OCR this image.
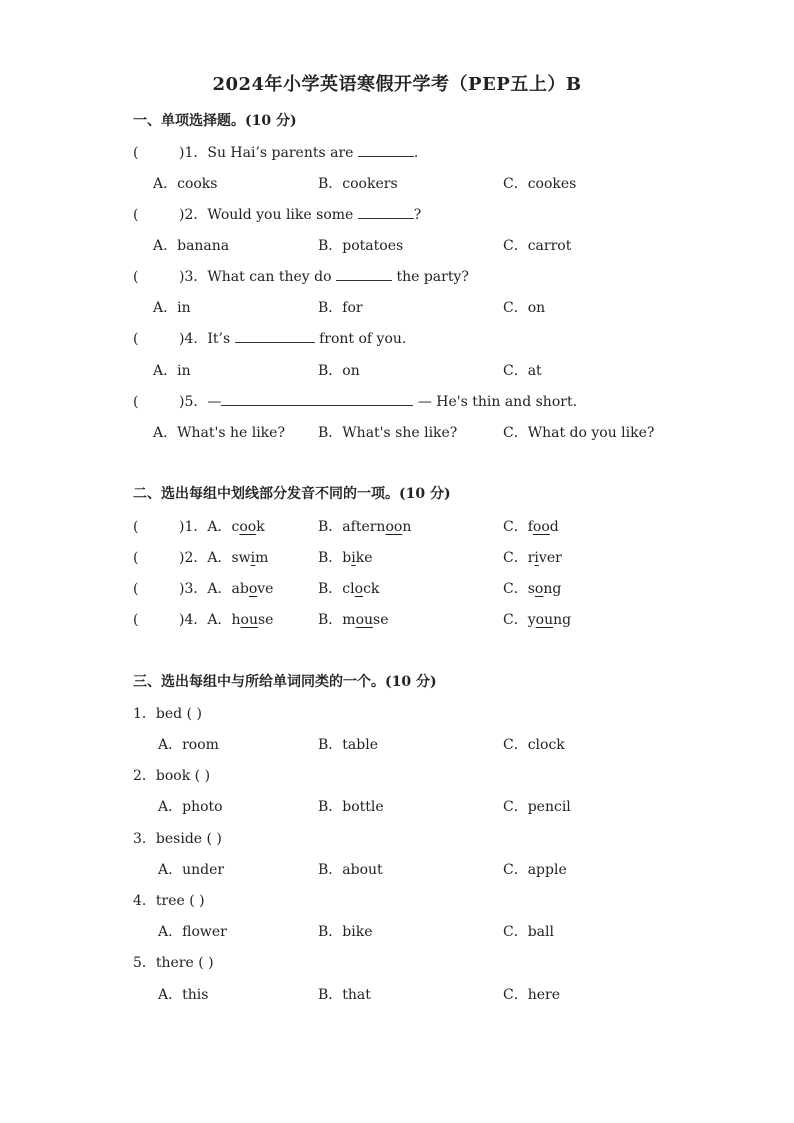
2024年小学英语寒假开学考（PEP五上）B
一、单项选择题。(10 分)
(	)1．Su Hai’s parents are	.
A．cooks	B．cookers	C．cookes
(	)2．Would you like some	?
A．banana	B．potatoes	C．carrot
(	)3．What can they do	the party?
A．in	B．for	C．on
(	)4．It’s	front of you.
A．in	B．on	C．at
(	)5．—	— He's thin and short.
A．What's he like? B．What's she like?	C．What do you like?
二、选出每组中划线部分发音不同的一项。(10 分)
(	)1．A．cook	B．afternoon	C．food
(	)2．A．swim	B．bike	C．river
(	)3．A．above	B．clock	C．song
(	)4．A．house	B．mouse	C．young
三、选出每组中与所给单词同类的一个。(10 分)
1．bed ( )
A．room	B．table	C．clock
2．book ( )
A．photo	B．bottle	C．pencil
3．beside ( )
A．under	B．about	C．apple
4．tree ( )
A．flower	B．bike	C．ball
5．there ( )
A．this	B．that	C．here
